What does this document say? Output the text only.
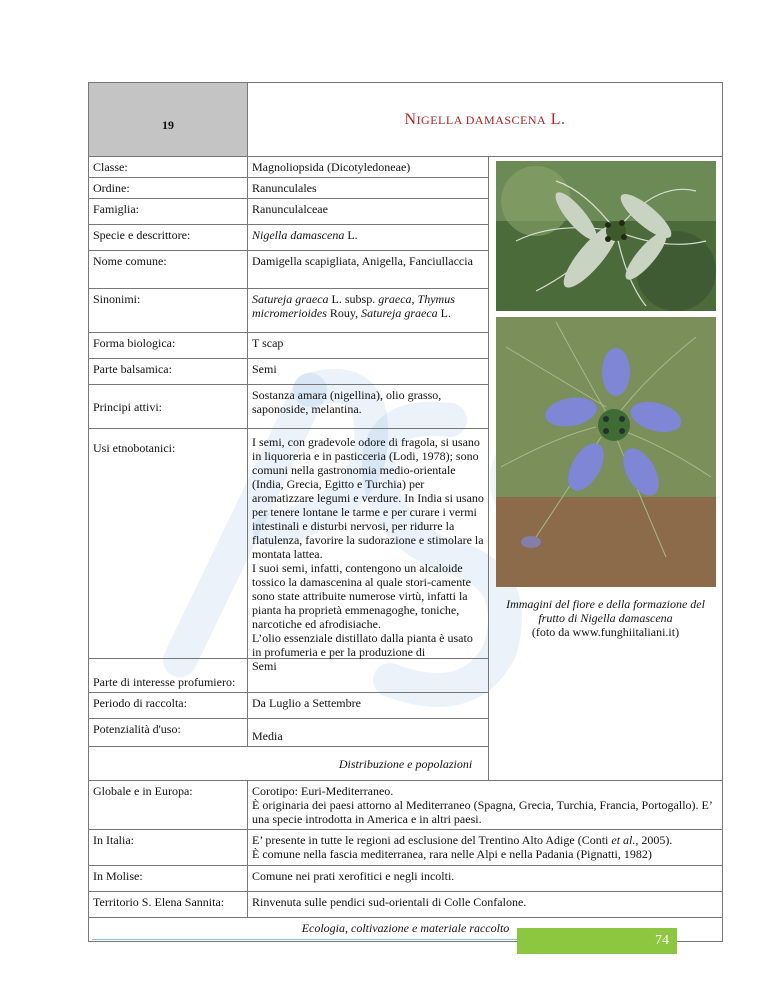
19	NIGELLA DAMASCENA L.	
Classe:	Magnoliopsida (Dicotyledoneae)	Immagini del fiore e della formazione del frutto di Nigella damascena
(foto da www.funghiitaliani.it)

Ordine:	Ranunculales	
Famiglia:	Ranunculalceae	
Specie e descrittore:	Nigella damascena L.	
Nome comune:	Damigella scapigliata, Anigella, Fanciullaccia	
Sinonimi:	Satureja graeca L. subsp. graeca, Thymus micromerioides Rouy, Satureja graeca L.	
Forma biologica:	T scap	
Parte balsamica:	Semi	
Principi attivi:	Sostanza amara (nigellina), olio grasso, saponoside, melantina.	
Usi etnobotanici:	I semi, con gradevole odore di fragola, si usano in liquoreria e in pasticceria (Lodi, 1978); sono comuni nella gastronomia medio-orientale (India, Grecia, Egitto e Turchia) per aromatizzare legumi e verdure. In India si usano per tenere lontane le tarme e per curare i vermi intestinali e disturbi nervosi, per ridurre la flatulenza, favorire la sudorazione e stimolare la montata lattea.
I suoi semi, infatti, contengono un alcaloide tossico la damascenina al quale stori-camente sono state attribuite numerose virtù, infatti la pianta ha proprietà emmenagoghe, toniche, narcotiche ed afrodisiache.
L’olio essenziale distillato dalla pianta è usato in profumeria e per la produzione di	

Parte di interesse profumiero:	Semi	
Periodo di raccolta:	Da Luglio a Settembre	
Potenzialità d'uso:	Media	
Distribuzione e popolazioni		
Globale e in Europa:	Corotipo: Euri-Mediterraneo.
È originaria dei paesi attorno al Mediterraneo (Spagna, Grecia, Turchia, Francia, Portogallo). E’ una specie introdotta in America e in altri paesi.	

In Italia:	E’ presente in tutte le regioni ad esclusione del Trentino Alto Adige (Conti et al., 2005).
È comune nella fascia mediterranea, rara nelle Alpi e nella Padania (Pignatti, 1982)	

In Molise:	Comune nei prati xerofitici e negli incolti.	
Territorio S. Elena Sannita:	Rinvenuta sulle pendici sud-orientali di Colle Confalone.	
Ecologia, coltivazione e materiale raccolto		
74
